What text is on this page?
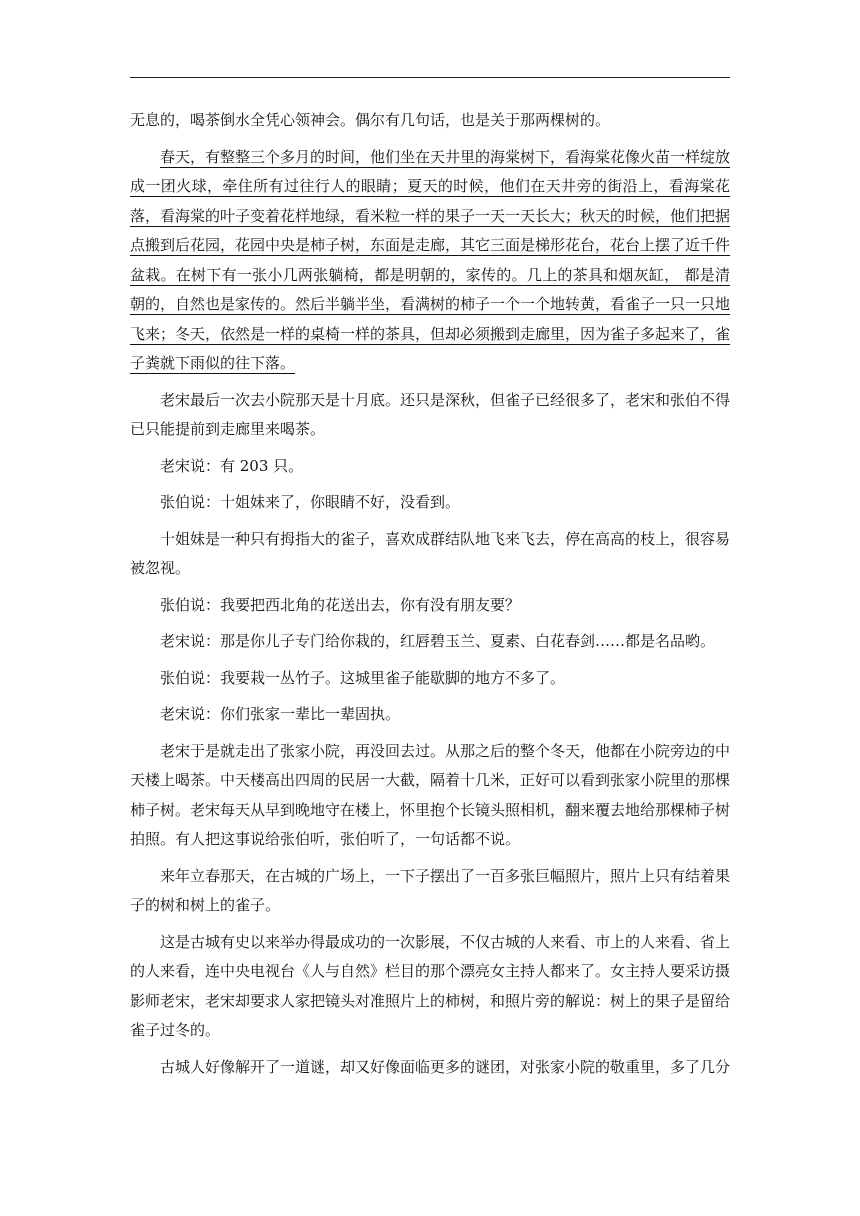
无息的，喝茶倒水全凭心领神会。偶尔有几句话，也是关于那两棵树的。

春天，有整整三个多月的时间，他们坐在天井里的海棠树下，看海棠花像火苗一样绽放成一团火球，牵住所有过往行人的眼睛；夏天的时候，他们在天井旁的街沿上，看海棠花落，看海棠的叶子变着花样地绿，看米粒一样的果子一天一天长大；秋天的时候，他们把据点搬到后花园，花园中央是柿子树，东面是走廊，其它三面是梯形花台，花台上摆了近千件盆栽。在树下有一张小几两张躺椅，都是明朝的，家传的。几上的茶具和烟灰缸， 都是清朝的，自然也是家传的。然后半躺半坐，看满树的柿子一个一个地转黄，看雀子一只一只地飞来；冬天，依然是一样的桌椅一样的茶具，但却必须搬到走廊里，因为雀子多起来了，雀子粪就下雨似的往下落。

老宋最后一次去小院那天是十月底。还只是深秋，但雀子已经很多了，老宋和张伯不得已只能提前到走廊里来喝茶。

老宋说：有 203 只。

张伯说：十姐妹来了，你眼睛不好，没看到。

十姐妹是一种只有拇指大的雀子，喜欢成群结队地飞来飞去，停在高高的枝上，很容易被忽视。

张伯说：我要把西北角的花送出去，你有没有朋友要？

老宋说：那是你儿子专门给你栽的，红唇碧玉兰、夏素、白花春剑……都是名品哟。

张伯说：我要栽一丛竹子。这城里雀子能歇脚的地方不多了。

老宋说：你们张家一辈比一辈固执。

老宋于是就走出了张家小院，再没回去过。从那之后的整个冬天，他都在小院旁边的中天楼上喝茶。中天楼高出四周的民居一大截，隔着十几米，正好可以看到张家小院里的那棵柿子树。老宋每天从早到晚地守在楼上，怀里抱个长镜头照相机，翻来覆去地给那棵柿子树拍照。有人把这事说给张伯听，张伯听了，一句话都不说。

来年立春那天，在古城的广场上，一下子摆出了一百多张巨幅照片，照片上只有结着果子的树和树上的雀子。

这是古城有史以来举办得最成功的一次影展，不仅古城的人来看、市上的人来看、省上的人来看，连中央电视台《人与自然》栏目的那个漂亮女主持人都来了。女主持人要采访摄影师老宋，老宋却要求人家把镜头对准照片上的柿树，和照片旁的解说：树上的果子是留给雀子过冬的。

古城人好像解开了一道谜，却又好像面临更多的谜团，对张家小院的敬重里，多了几分
